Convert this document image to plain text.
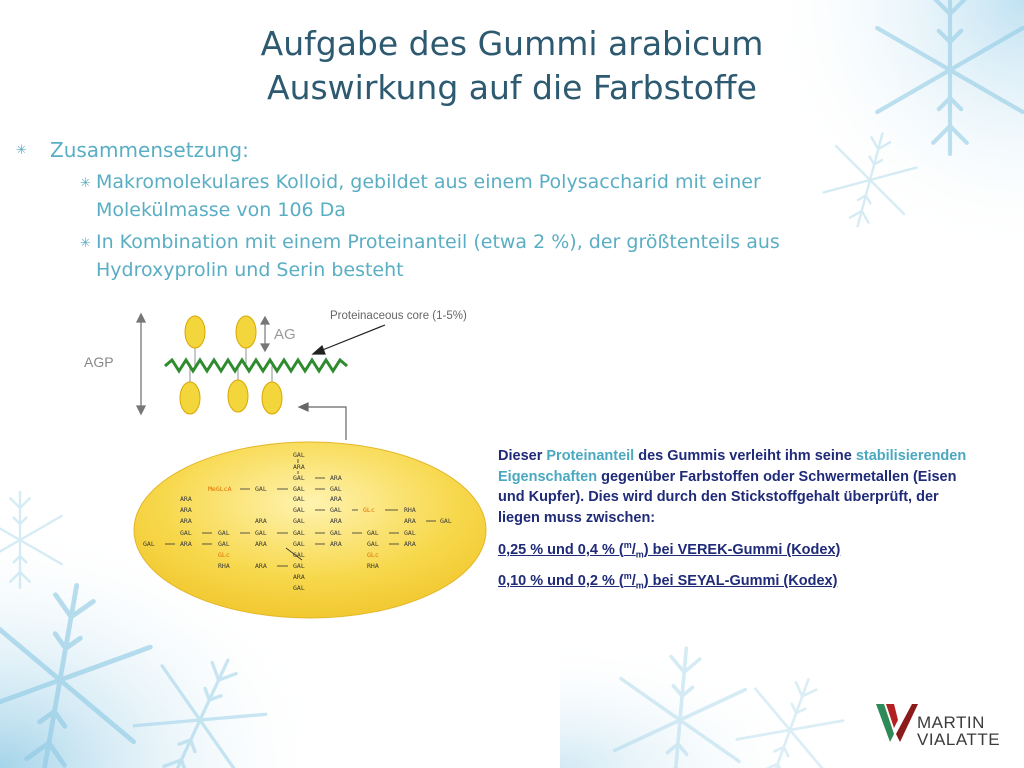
Aufgabe des Gummi arabicum
Auswirkung auf die Farbstoffe
✳ Zusammensetzung:
✳ Makromolekulares Kolloid, gebildet aus einem Polysaccharid mit einer
Molekülmasse von 106 Da
✳ In Kombination mit einem Proteinanteil (etwa 2 %), der größtenteils aus
Hydroxyprolin und Serin besteht
AGP
AG
Proteinaceous core (1-5%)
GAL
ARA
GAL	ARA
MeGLcA	GAL	GAL	GAL
ARA	GAL	ARA
ARA	GAL	GAL	GLc	RHA
ARA	ARA	GAL	ARA	ARA	GAL
GAL	GAL	GAL	GAL	GAL	GAL	GAL
GAL	ARA	GAL	ARA	GAL	ARA	GAL	ARA
GLc	GAL	GLc
RHA	ARA	GAL	RHA
ARA
GAL
Dieser Proteinanteil des Gummis verleiht ihm seine stabilisierenden Eigenschaften gegenüber Farbstoffen oder Schwermetallen (Eisen und Kupfer). Dies wird durch den Stickstoffgehalt überprüft, der liegen muss zwischen:
0,25 % und 0,4 % $(^m/_m)$ bei VEREK-Gummi (Kodex)
0,10 % und 0,2 % $(^m/_m)$ bei SEYAL-Gummi (Kodex)
MARTIN
VIALATTE
